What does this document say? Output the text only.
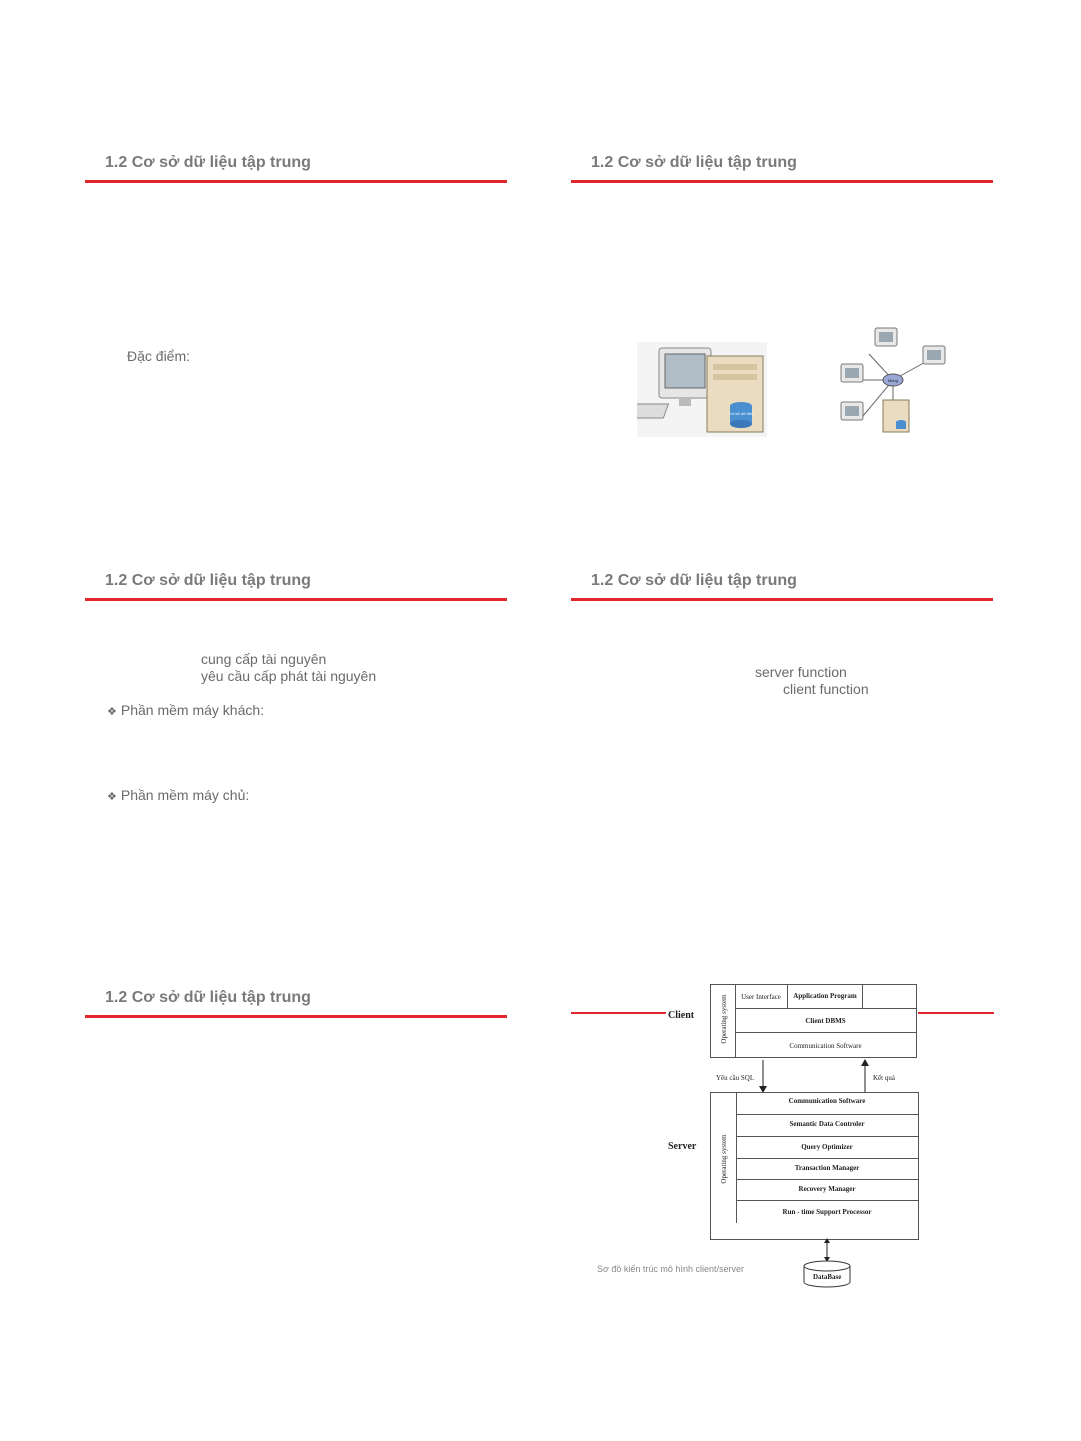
1.2 Cơ sở dữ liệu tập trung
Đặc điểm:
1.2 Cơ sở dữ liệu tập trung
Cơ sở dữ liệu
Mạng
1.2 Cơ sở dữ liệu tập trung
cung cấp tài nguyên
yêu cầu cấp phát tài nguyên
❖ Phần mềm máy khách:
❖ Phần mềm máy chủ:
1.2 Cơ sở dữ liệu tập trung
server function
client function
1.2 Cơ sở dữ liệu tập trung
Client
Server
Operating system	User Interface	Application Program
Client DBMS
Communication Software
Yêu cầu SQL	Kết quả
Operating system
Communication Software
Semantic Data Controler
Query Optimizer
Transaction Manager
Recovery Manager
Run - time Support Processor
DataBase
Sơ đồ kiến trúc mô hình client/server
